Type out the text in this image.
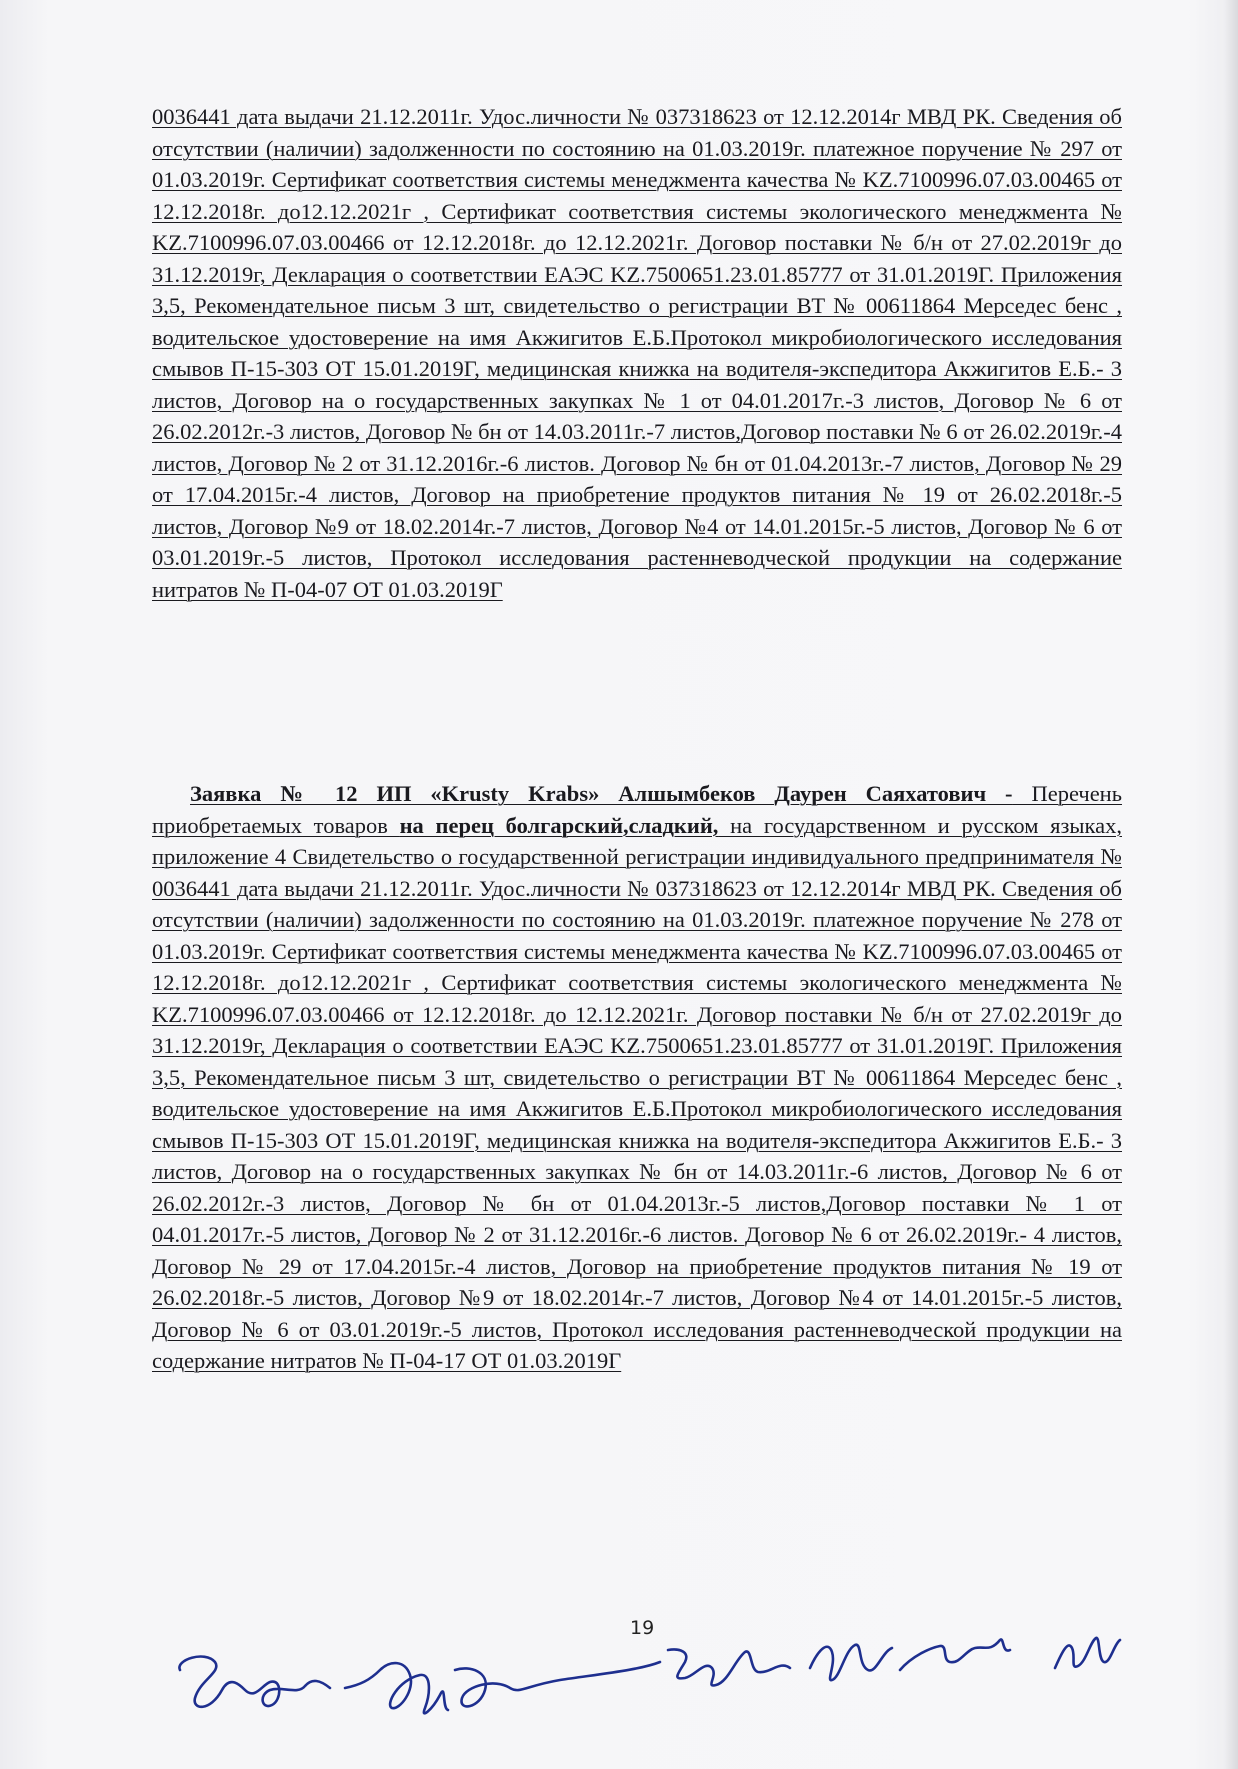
0036441 дата выдачи 21.12.2011г. Удос.личности № 037318623 от 12.12.2014г МВД РК. Сведения об отсутствии (наличии) задолженности по состоянию на 01.03.2019г. платежное поручение № 297 от 01.03.2019г. Сертификат соответствия системы менеджмента качества № KZ.7100996.07.03.00465 от 12.12.2018г. до12.12.2021г , Сертификат соответствия системы экологического менеджмента № KZ.7100996.07.03.00466 от 12.12.2018г. до 12.12.2021г. Договор поставки № б/н от 27.02.2019г до 31.12.2019г, Декларация о соответствии ЕАЭС KZ.7500651.23.01.85777 от 31.01.2019Г. Приложения 3,5, Рекомендательное письм 3 шт, свидетельство о регистрации ВТ № 00611864 Мерседес бенс , водительское удостоверение на имя Акжигитов Е.Б.Протокол микробиологического исследования смывов П-15-303 ОТ 15.01.2019Г, медицинская книжка на водителя-экспедитора Акжигитов Е.Б.- 3 листов, Договор на о государственных закупках № 1 от 04.01.2017г.-3 листов, Договор № 6 от 26.02.2012г.-3 листов, Договор № бн от 14.03.2011г.-7 листов,Договор поставки № 6 от 26.02.2019г.-4 листов, Договор № 2 от 31.12.2016г.-6 листов. Договор № бн от 01.04.2013г.-7 листов, Договор № 29 от 17.04.2015г.-4 листов, Договор на приобретение продуктов питания № 19 от 26.02.2018г.-5 листов, Договор №9 от 18.02.2014г.-7 листов, Договор №4 от 14.01.2015г.-5 листов, Договор № 6 от 03.01.2019г.-5 листов, Протокол исследования растенневодческой продукции на содержание нитратов № П-04-07 ОТ 01.03.2019Г
Заявка № 12 ИП «Krusty Krabs» Алшымбеков Даурен Саяхатович - Перечень приобретаемых товаров на перец болгарский,сладкий, на государственном и русском языках, приложение 4 Свидетельство о государственной регистрации индивидуального предпринимателя № 0036441 дата выдачи 21.12.2011г. Удос.личности № 037318623 от 12.12.2014г МВД РК. Сведения об отсутствии (наличии) задолженности по состоянию на 01.03.2019г. платежное поручение № 278 от 01.03.2019г. Сертификат соответствия системы менеджмента качества № KZ.7100996.07.03.00465 от 12.12.2018г. до12.12.2021г , Сертификат соответствия системы экологического менеджмента № KZ.7100996.07.03.00466 от 12.12.2018г. до 12.12.2021г. Договор поставки № б/н от 27.02.2019г до 31.12.2019г, Декларация о соответствии ЕАЭС KZ.7500651.23.01.85777 от 31.01.2019Г. Приложения 3,5, Рекомендательное письм 3 шт, свидетельство о регистрации ВТ № 00611864 Мерседес бенс , водительское удостоверение на имя Акжигитов Е.Б.Протокол микробиологического исследования смывов П-15-303 ОТ 15.01.2019Г, медицинская книжка на водителя-экспедитора Акжигитов Е.Б.- 3 листов, Договор на о государственных закупках № бн от 14.03.2011г.-6 листов, Договор № 6 от 26.02.2012г.-3 листов, Договор № бн от 01.04.2013г.-5 листов,Договор поставки № 1 от 04.01.2017г.-5 листов, Договор № 2 от 31.12.2016г.-6 листов. Договор № 6 от 26.02.2019г.- 4 листов, Договор № 29 от 17.04.2015г.-4 листов, Договор на приобретение продуктов питания № 19 от 26.02.2018г.-5 листов, Договор №9 от 18.02.2014г.-7 листов, Договор №4 от 14.01.2015г.-5 листов, Договор № 6 от 03.01.2019г.-5 листов, Протокол исследования растенневодческой продукции на содержание нитратов № П-04-17 ОТ 01.03.2019Г
19
